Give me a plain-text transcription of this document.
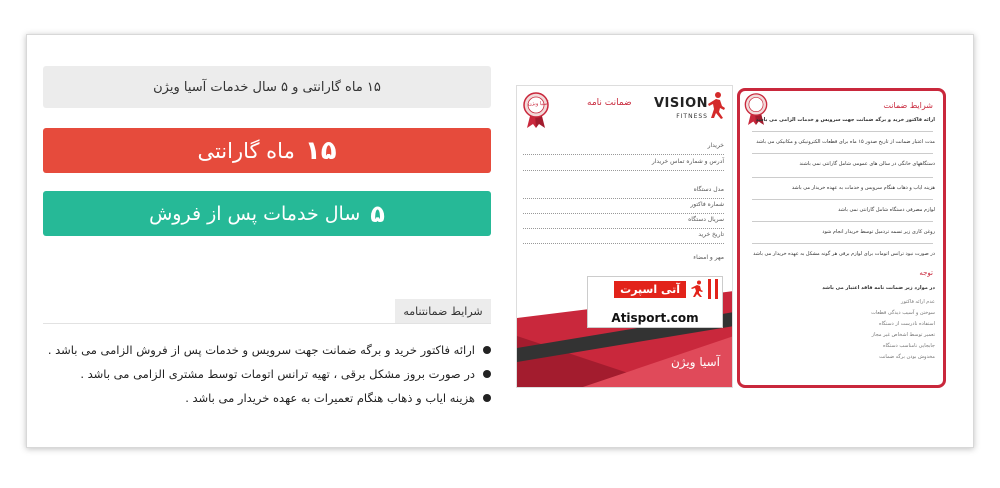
۱۵ ماه گارانتی و ۵ سال خدمات آسیا ویژن
۱۵
ماه گارانتی
۵
سال خدمات پس از فروش
شرایط ضمانتنامه
ارائه فاکتور خرید و برگه ضمانت جهت سرویس و خدمات پس از فروش الزامی می باشد .
در صورت بروز مشکل برقی ، تهیه ترانس اتومات توسط مشتری الزامی می باشد .
هزینه ایاب و ذهاب هنگام تعمیرات به عهده خریدار می باشد .
VISION
FITNESS
ضمانت نامه
آسیا ویژن
خریدار
آدرس و شماره تماس خریدار
مدل دستگاه
شماره فاکتور
سریال دستگاه
تاریخ خرید
مهر و امضاء
آتی اسپرت
Atisport.com
آسیا ویژن
شرایط ضمانت
ارائه فاکتور خرید و برگه ضمانت جهت سرویس و خدمات الزامی می باشد
مدت اعتبار ضمانت از تاریخ صدور ۱۵ ماه برای قطعات الکترونیکی و مکانیکی می باشد
دستگاههای خانگی در سالن های عمومی شامل گارانتی نمی باشند
هزینه ایاب و ذهاب هنگام سرویس و خدمات به عهده خریدار می باشد
لوازم مصرفی دستگاه شامل گارانتی نمی باشد
روغن کاری زیر تسمه تردمیل توسط خریدار انجام شود
در صورت نبود ترانس اتومات برای لوازم برقی هر گونه مشکل به عهده خریدار می باشد
توجه
در موارد زیر ضمانت نامه فاقد اعتبار می باشد
عدم ارائه فاکتور
سوختن و آسیب دیدگی قطعات
استفاده نادرست از دستگاه
تعمیر توسط اشخاص غیر مجاز
جابجایی نامناسب دستگاه
مخدوش بودن برگه ضمانت
